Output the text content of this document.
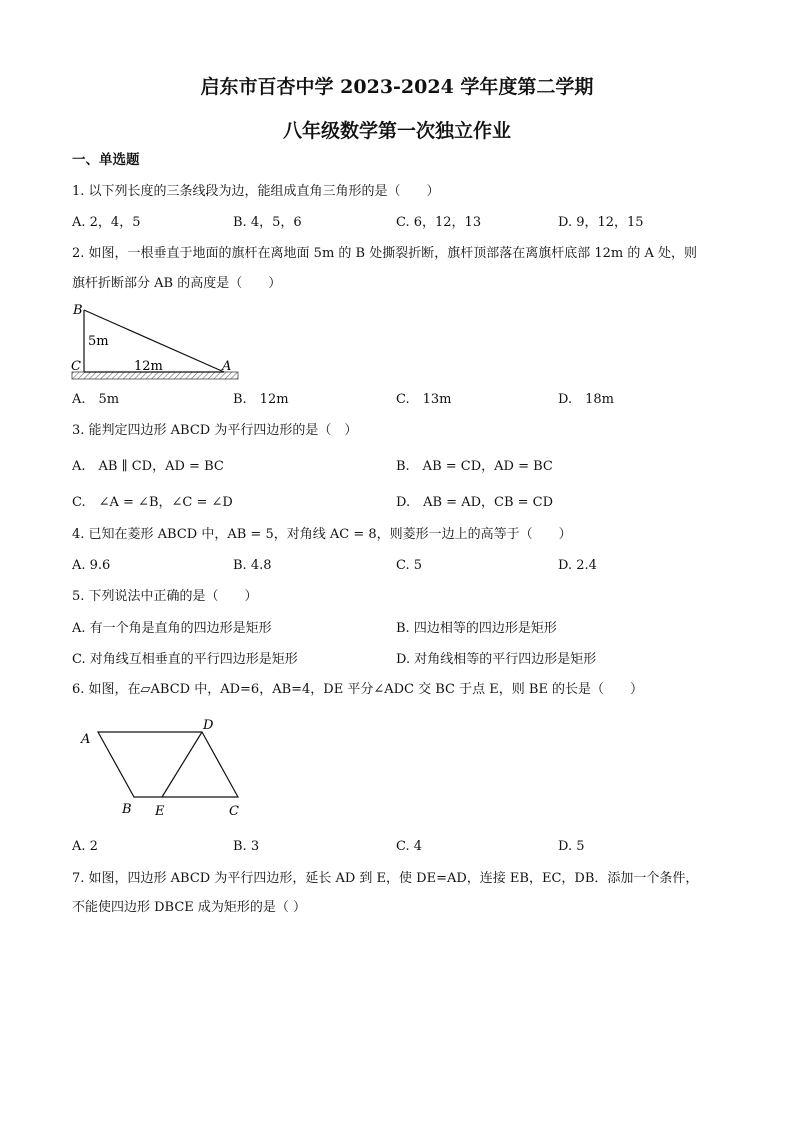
启东市百杏中学 2023-2024 学年度第二学期
八年级数学第一次独立作业
一、单选题
1. 以下列长度的三条线段为边，能组成直角三角形的是（　　）
A. 2，4，5	B. 4，5，6	C. 6，12，13	D. 9，12，15
2. 如图，一根垂直于地面的旗杆在离地面 5m 的 B 处撕裂折断，旗杆顶部落在离旗杆底部 12m 的 A 处，则
旗杆折断部分 AB 的高度是（　　）
B
5m
C	12m	A
A.　5m	B.　12m	C.　13m	D.　18m
3. 能判定四边形 ABCD 为平行四边形的是（　）
A.　AB ∥ CD，AD = BC	B.　AB = CD，AD = BC
C.　∠A = ∠B，∠C = ∠D	D.　AB = AD，CB = CD
4. 已知在菱形 ABCD 中，AB = 5，对角线 AC = 8，则菱形一边上的高等于（　　）
A. 9.6	B. 4.8	C. 5	D. 2.4
5. 下列说法中正确的是（　　）
A. 有一个角是直角的四边形是矩形	B. 四边相等的四边形是矩形
C. 对角线互相垂直的平行四边形是矩形	D. 对角线相等的平行四边形是矩形
6. 如图，在▱ABCD 中，AD=6，AB=4，DE 平分∠ADC 交 BC 于点 E，则 BE 的长是（　　）
A
D
B E	C
A. 2	B. 3	C. 4	D. 5
7. 如图，四边形 ABCD 为平行四边形，延长 AD 到 E，使 DE=AD，连接 EB，EC，DB．添加一个条件，
不能使四边形 DBCE 成为矩形的是（ ）
